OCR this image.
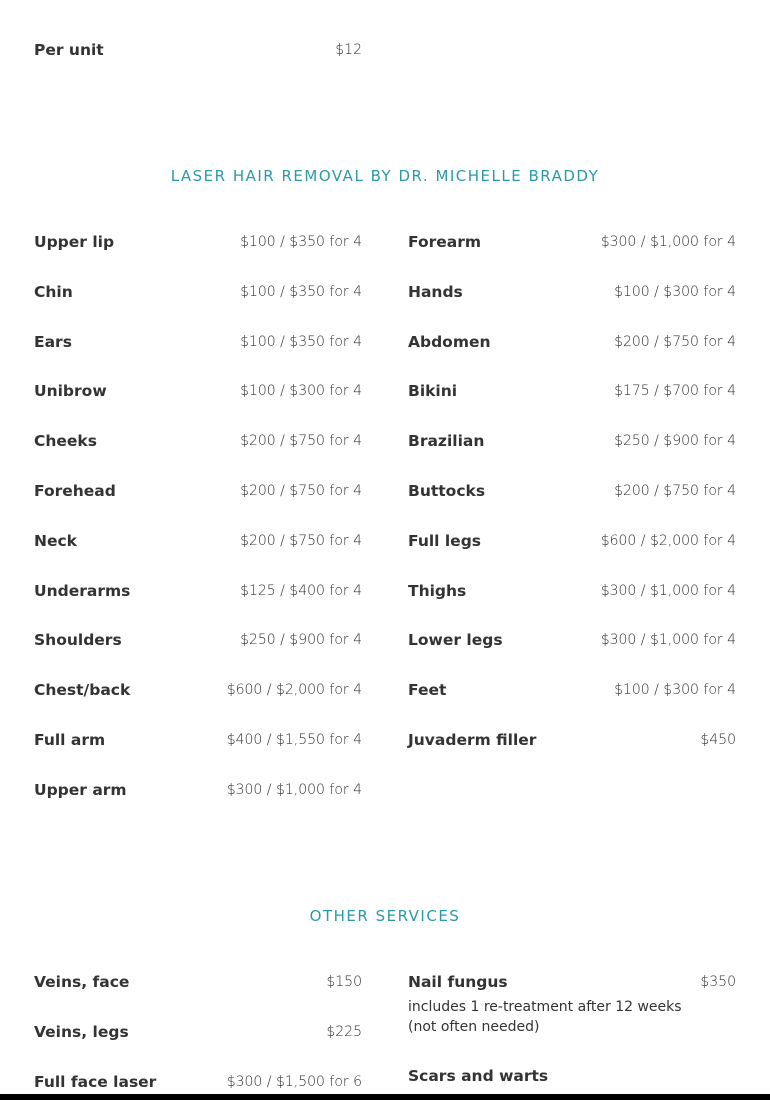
Per unit	$12
LASER HAIR REMOVAL BY DR. MICHELLE BRADDY
Upper lip	$100 / $350 for 4
Chin	$100 / $350 for 4
Ears	$100 / $350 for 4
Unibrow	$100 / $300 for 4
Cheeks	$200 / $750 for 4
Forehead	$200 / $750 for 4
Neck	$200 / $750 for 4
Underarms	$125 / $400 for 4
Shoulders	$250 / $900 for 4
Chest/back	$600 / $2,000 for 4
Full arm	$400 / $1,550 for 4
Upper arm	$300 / $1,000 for 4
Forearm	$300 / $1,000 for 4
Hands	$100 / $300 for 4
Abdomen	$200 / $750 for 4
Bikini	$175 / $700 for 4
Brazilian	$250 / $900 for 4
Buttocks	$200 / $750 for 4
Full legs	$600 / $2,000 for 4
Thighs	$300 / $1,000 for 4
Lower legs	$300 / $1,000 for 4
Feet	$100 / $300 for 4
Juvaderm filler	$450
OTHER SERVICES
Veins, face	$150
Veins, legs	$225
Full face laser	$300 / $1,500 for 6
Nail fungus	$350
includes 1 re-treatment after 12 weeks (not often needed)
Scars and warts
